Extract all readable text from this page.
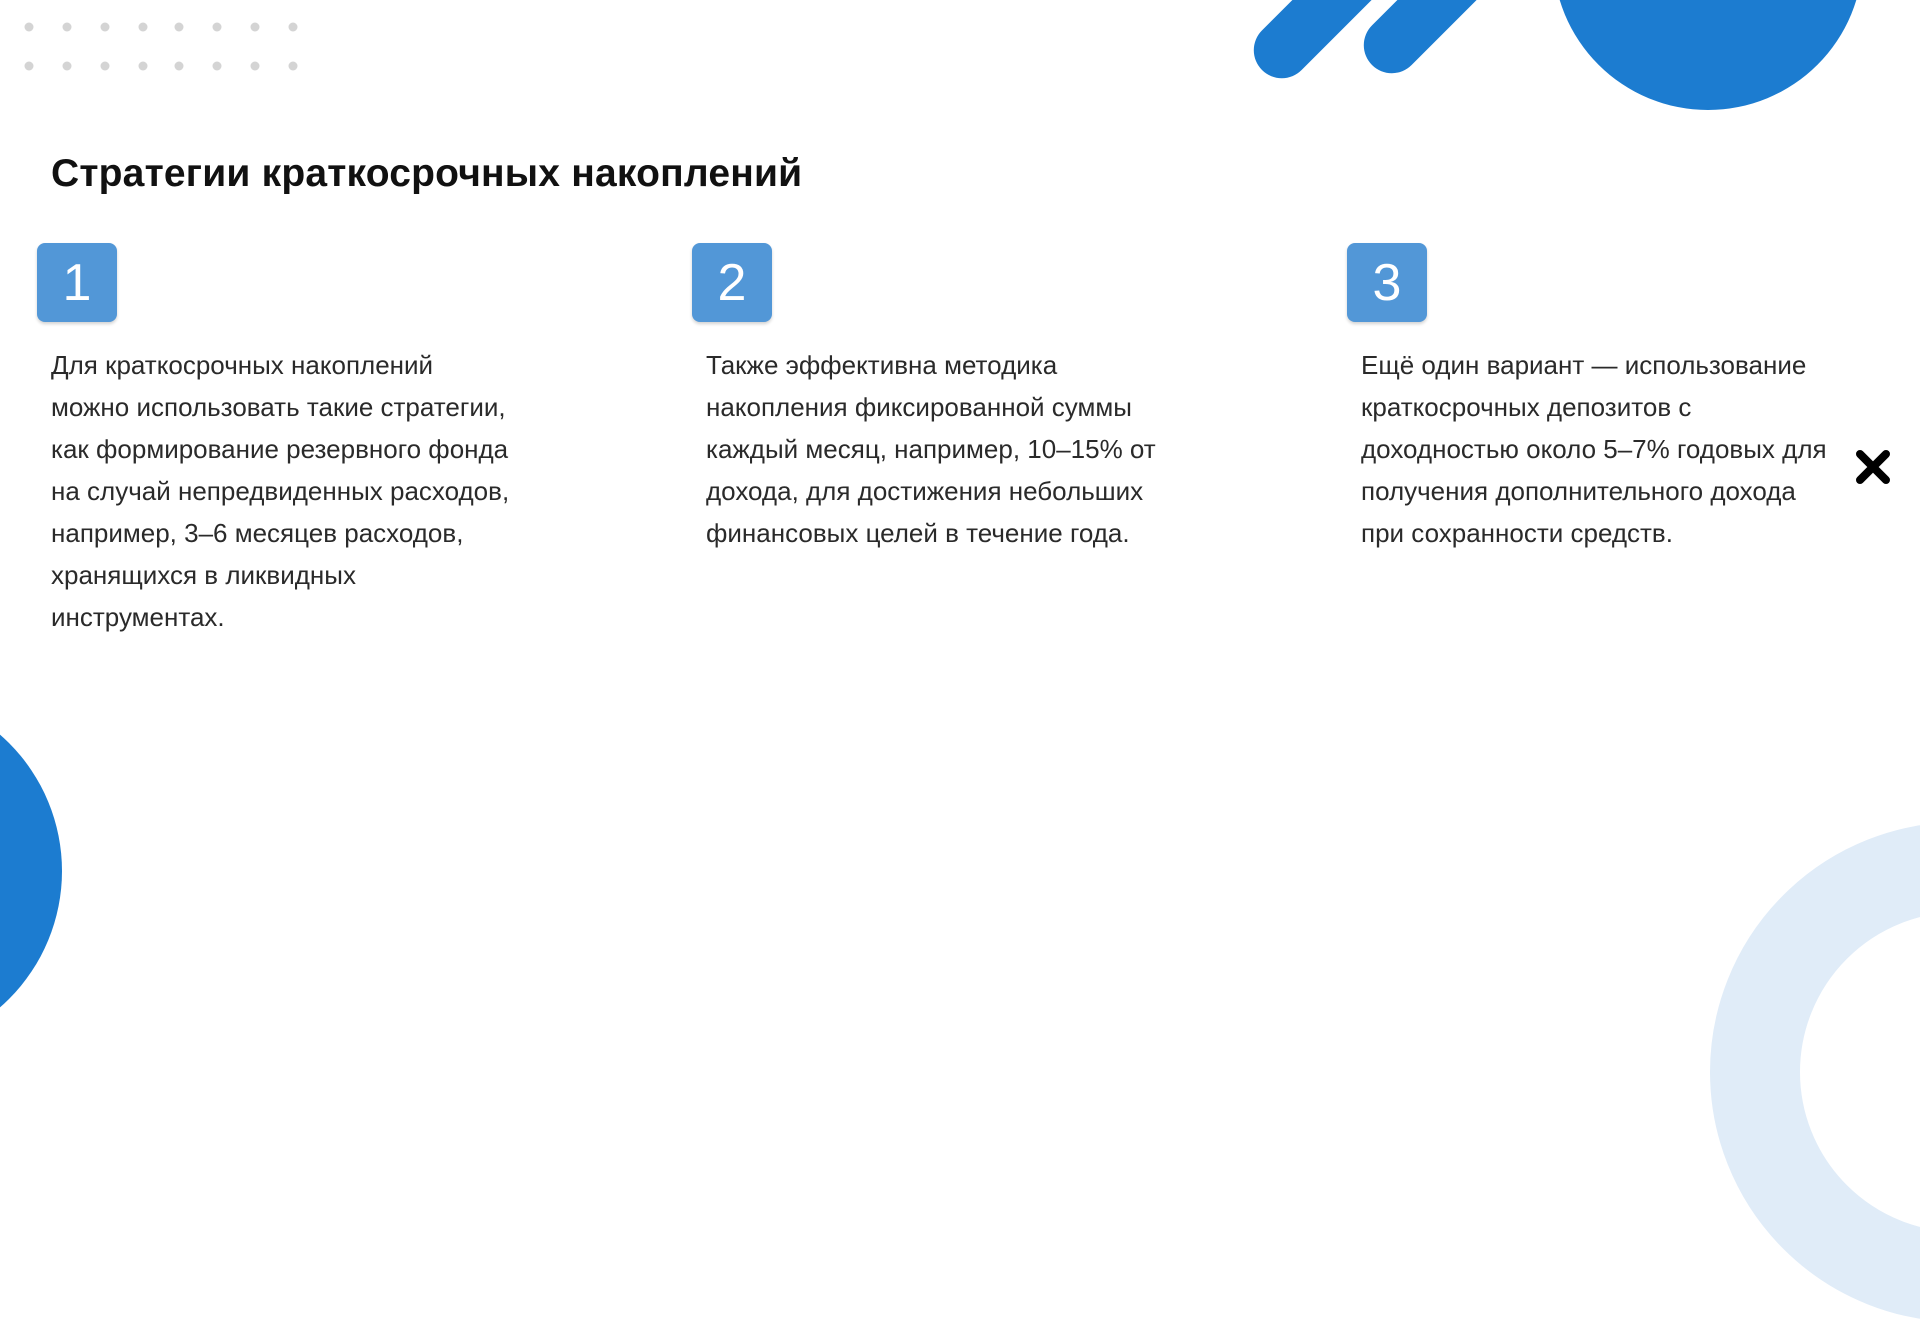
Стратегии краткосрочных накоплений
1
Для краткосрочных накоплений
можно использовать такие стратегии,
как формирование резервного фонда
на случай непредвиденных расходов,
например, 3–6 месяцев расходов,
хранящихся в ликвидных
инструментах.
2
Также эффективна методика
накопления фиксированной суммы
каждый месяц, например, 10–15% от
дохода, для достижения небольших
финансовых целей в течение года.
3
Ещё один вариант — использование
краткосрочных депозитов с
доходностью около 5–7% годовых для
получения дополнительного дохода
при сохранности средств.
